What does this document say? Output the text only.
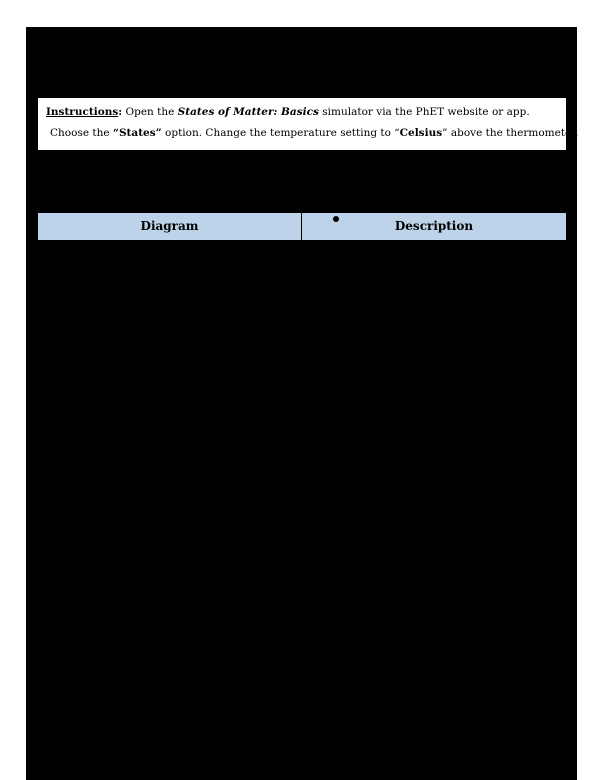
Instructions: Open the States of Matter: Basics simulator via the PhET website or app.
Choose the “States” option. Change the temperature setting to “Celsius” above the thermometer.
Diagram	Description
